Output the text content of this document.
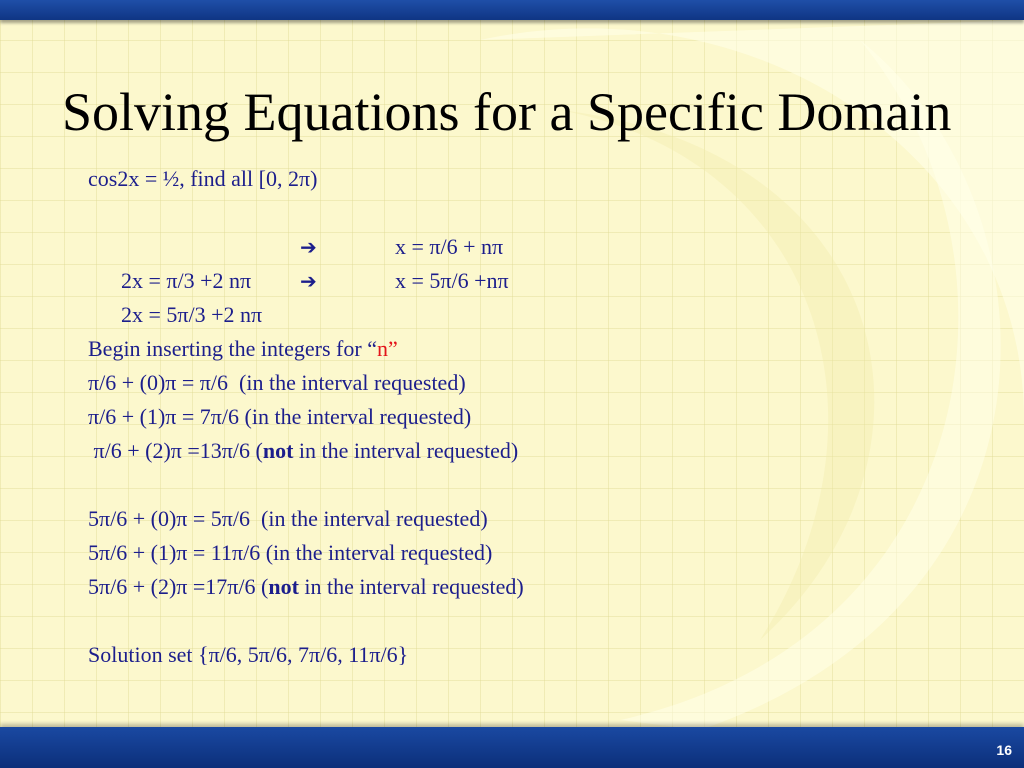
Solving Equations for a Specific Domain
cos2x = ½, find all [0, 2π)

2x = π/3 +2 nπ

➔

	x = π/6 + nπ

2x = 5π/3 +2 nπ

➔

	x = 5π/6 +nπ

Begin inserting the integers for “n”
π/6 + (0)π = π/6  (in the interval requested)
π/6 + (1)π = 7π/6 (in the interval requested)
π/6 + (2)π =13π/6 (not in the interval requested)
5π/6 + (0)π = 5π/6  (in the interval requested)
5π/6 + (1)π = 11π/6 (in the interval requested)
5π/6 + (2)π =17π/6 (not in the interval requested)
Solution set {π/6, 5π/6, 7π/6, 11π/6}
16
